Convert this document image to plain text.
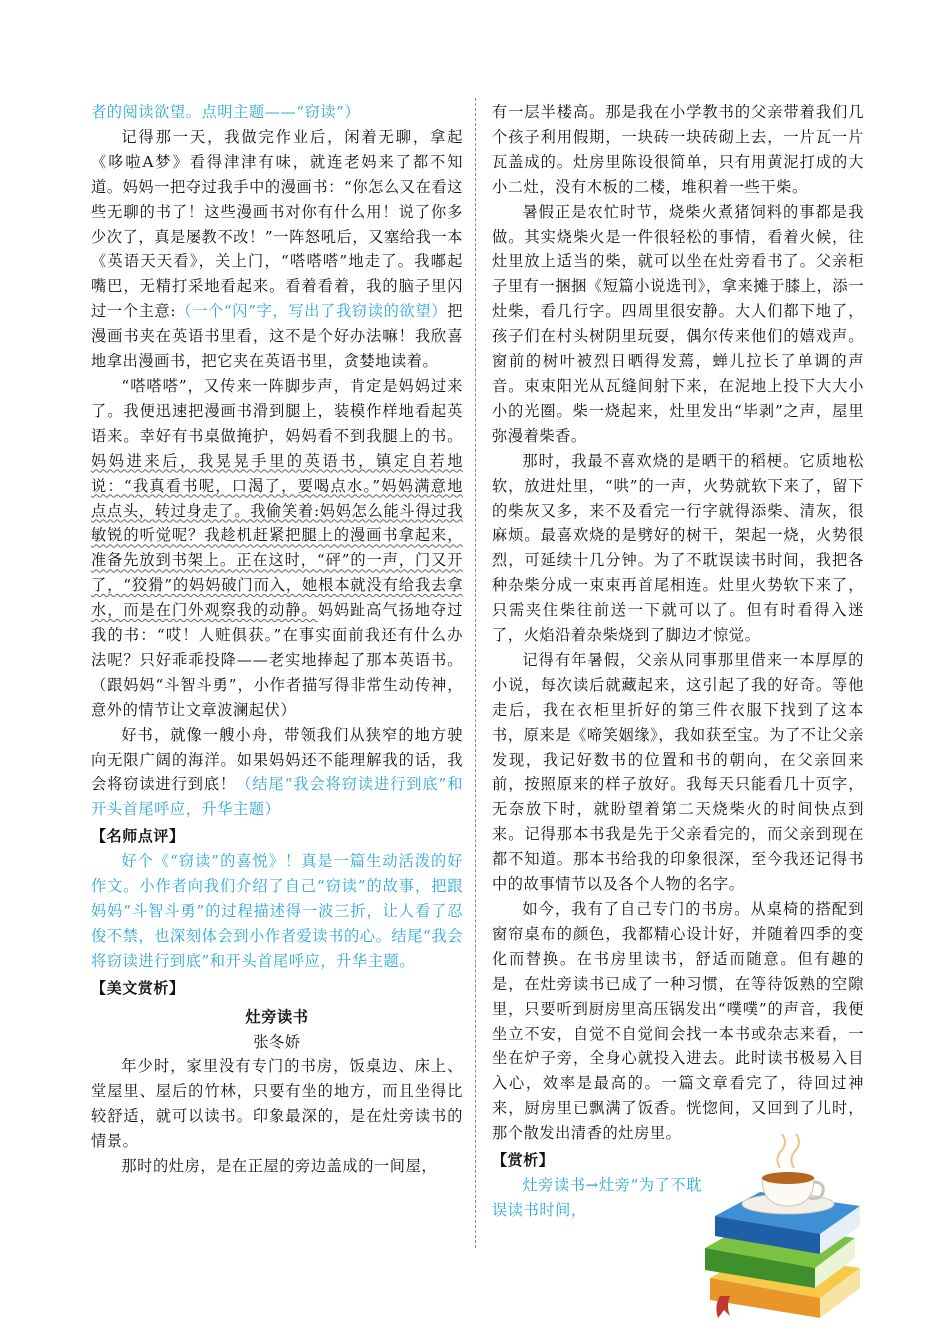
者的阅读欲望。点明主题——“窃读”）

记得那一天，我做完作业后，闲着无聊，拿起《哆啦A梦》看得津津有味，就连老妈来了都不知道。妈妈一把夺过我手中的漫画书：“你怎么又在看这些无聊的书了！这些漫画书对你有什么用！说了你多少次了，真是屡教不改！”一阵怒吼后，又塞给我一本《英语天天看》，关上门，“嗒嗒嗒”地走了。我嘟起嘴巴，无精打采地看起来。看着看着，我的脑子里闪过一个主意:（一个“闪”字，写出了我窃读的欲望）把漫画书夹在英语书里看，这不是个好办法嘛！我欣喜地拿出漫画书，把它夹在英语书里，贪婪地读着。

“嗒嗒嗒”，又传来一阵脚步声，肯定是妈妈过来了。我便迅速把漫画书滑到腿上，装模作样地看起英语来。幸好有书桌做掩护，妈妈看不到我腿上的书。妈妈进来后，我晃晃手里的英语书，镇定自若地说：“我真看书呢，口渴了，要喝点水。”妈妈满意地点点头，转过身走了。我偷笑着:妈妈怎么能斗得过我敏锐的听觉呢？我趁机赶紧把腿上的漫画书拿起来，准备先放到书架上。正在这时，“砰”的一声，门又开了，“狡猾”的妈妈破门而入，她根本就没有给我去拿水，而是在门外观察我的动静。妈妈趾高气扬地夺过我的书：“哎！人赃俱获。”在事实面前我还有什么办法呢？只好乖乖投降——老实地捧起了那本英语书。（跟妈妈“斗智斗勇”，小作者描写得非常生动传神，意外的情节让文章波澜起伏）

好书，就像一艘小舟，带领我们从狭窄的地方驶向无限广阔的海洋。如果妈妈还不能理解我的话，我会将窃读进行到底！（结尾“我会将窃读进行到底”和开头首尾呼应，升华主题）

【名师点评】

好个《“窃读”的喜悦》！真是一篇生动活泼的好作文。小作者向我们介绍了自己“窃读”的故事，把跟妈妈“斗智斗勇”的过程描述得一波三折，让人看了忍俊不禁，也深刻体会到小作者爱读书的心。结尾“我会将窃读进行到底”和开头首尾呼应，升华主题。

【美文赏析】

灶旁读书

张冬娇

年少时，家里没有专门的书房，饭桌边、床上、堂屋里、屋后的竹林，只要有坐的地方，而且坐得比较舒适，就可以读书。印象最深的，是在灶旁读书的情景。

那时的灶房，是在正屋的旁边盖成的一间屋，

有一层半楼高。那是我在小学教书的父亲带着我们几个孩子利用假期，一块砖一块砖砌上去，一片瓦一片瓦盖成的。灶房里陈设很简单，只有用黄泥打成的大小二灶，没有木板的二楼，堆积着一些干柴。

暑假正是农忙时节，烧柴火煮猪饲料的事都是我做。其实烧柴火是一件很轻松的事情，看着火候，往灶里放上适当的柴，就可以坐在灶旁看书了。父亲柜子里有一捆捆《短篇小说选刊》，拿来摊于膝上，添一灶柴，看几行字。四周里很安静。大人们都下地了，孩子们在村头树阴里玩耍，偶尔传来他们的嬉戏声。窗前的树叶被烈日晒得发蔫，蝉儿拉长了单调的声音。束束阳光从瓦缝间射下来，在泥地上投下大大小小的光圈。柴一烧起来，灶里发出“毕剥”之声，屋里弥漫着柴香。

那时，我最不喜欢烧的是晒干的稻梗。它质地松软，放进灶里，“哄”的一声，火势就软下来了，留下的柴灰又多，来不及看完一行字就得添柴、清灰，很麻烦。最喜欢烧的是劈好的树干，架起一烧，火势很烈，可延续十几分钟。为了不耽误读书时间，我把各种杂柴分成一束束再首尾相连。灶里火势软下来了，只需夹住柴往前送一下就可以了。但有时看得入迷了，火焰沿着杂柴烧到了脚边才惊觉。

记得有年暑假，父亲从同事那里借来一本厚厚的小说，每次读后就藏起来，这引起了我的好奇。等他走后，我在衣柜里折好的第三件衣服下找到了这本书，原来是《啼笑姻缘》，我如获至宝。为了不让父亲发现，我记好数书的位置和书的朝向，在父亲回来前，按照原来的样子放好。我每天只能看几十页字，无奈放下时，就盼望着第二天烧柴火的时间快点到来。记得那本书我是先于父亲看完的，而父亲到现在都不知道。那本书给我的印象很深，至今我还记得书中的故事情节以及各个人物的名字。

如今，我有了自己专门的书房。从桌椅的搭配到窗帘桌布的颜色，我都精心设计好，并随着四季的变化而替换。在书房里读书，舒适而随意。但有趣的是，在灶旁读书已成了一种习惯，在等待饭熟的空隙里，只要听到厨房里高压锅发出“噗噗”的声音，我便坐立不安，自觉不自觉间会找一本书或杂志来看，一坐在炉子旁，全身心就投入进去。此时读书极易入目入心，效率是最高的。一篇文章看完了，待回过神来，厨房里已飘满了饭香。恍惚间，又回到了儿时，那个散发出清香的灶房里。

【赏析】

灶旁读书→灶旁“为了不耽误读书时间，
